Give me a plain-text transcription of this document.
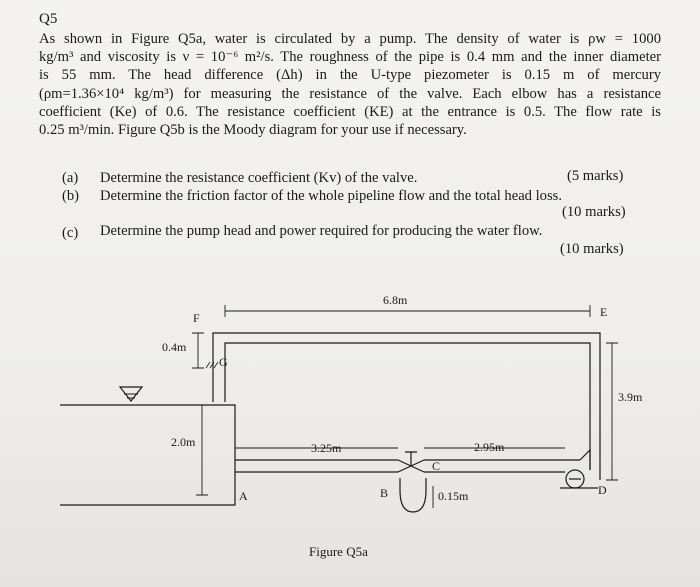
Q5
As shown in Figure Q5a, water is circulated by a pump. The density of water is ρw = 1000
kg/m³ and viscosity is ν = 10⁻⁶ m²/s. The roughness of the pipe is 0.4 mm and the inner diameter
is 55 mm. The head difference (Δh) in the U-type piezometer is 0.15 m of mercury
(ρm=1.36×10⁴ kg/m³) for measuring the resistance of the valve. Each elbow has a resistance
coefficient (Ke) of 0.6. The resistance coefficient (KE) at the entrance is 0.5. The flow rate is
0.25 m³/min. Figure Q5b is the Moody diagram for your use if necessary.
(a) Determine the resistance coefficient (Kv) of the valve.	(5 marks)
(b) Determine the friction factor of the whole pipeline flow and the total head loss.
(10 marks)
(c) Determine the pump head and power required for producing the water flow.
(10 marks)
6.8m
3.9m
3.25m	2.95m
2.0m
0.4m
0.15m
A	B
C
D
E
F
G
Figure Q5a
